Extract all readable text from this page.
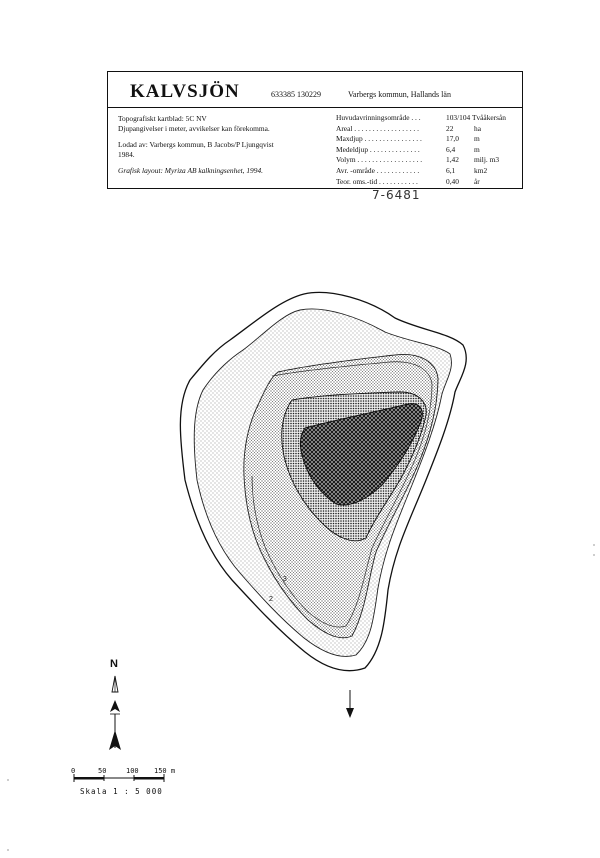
KALVSJÖN	633385 130229	Varbergs kommun, Hallands län
Topografiskt kartblad: 5C NV
Djupangivelser i meter, avvikelser kan förekomma.
Lodad av: Varbergs kommun, B Jacobs/P Ljungqvist
1984.
Grafisk layout: Myriza AB kalkningsenhet, 1994.
Huvudavrinningsområde . . .	103/104 Tvååkersån
Areal . . . . . . . . . . . . . . . . . .	22	ha
Maxdjup . . . . . . . . . . . . . . . .	17,0 m
Medeldjup . . . . . . . . . . . . . .	6,4	m
Volym . . . . . . . . . . . . . . . . . .	1,42 milj. m3
Avr. -område . . . . . . . . . . . .	6,1	km2
Teor. oms.-tid . . . . . . . . . . .	0,40 år
7-6481
3
2
N
0	50	100 150 m
Skala 1 : 5 000
